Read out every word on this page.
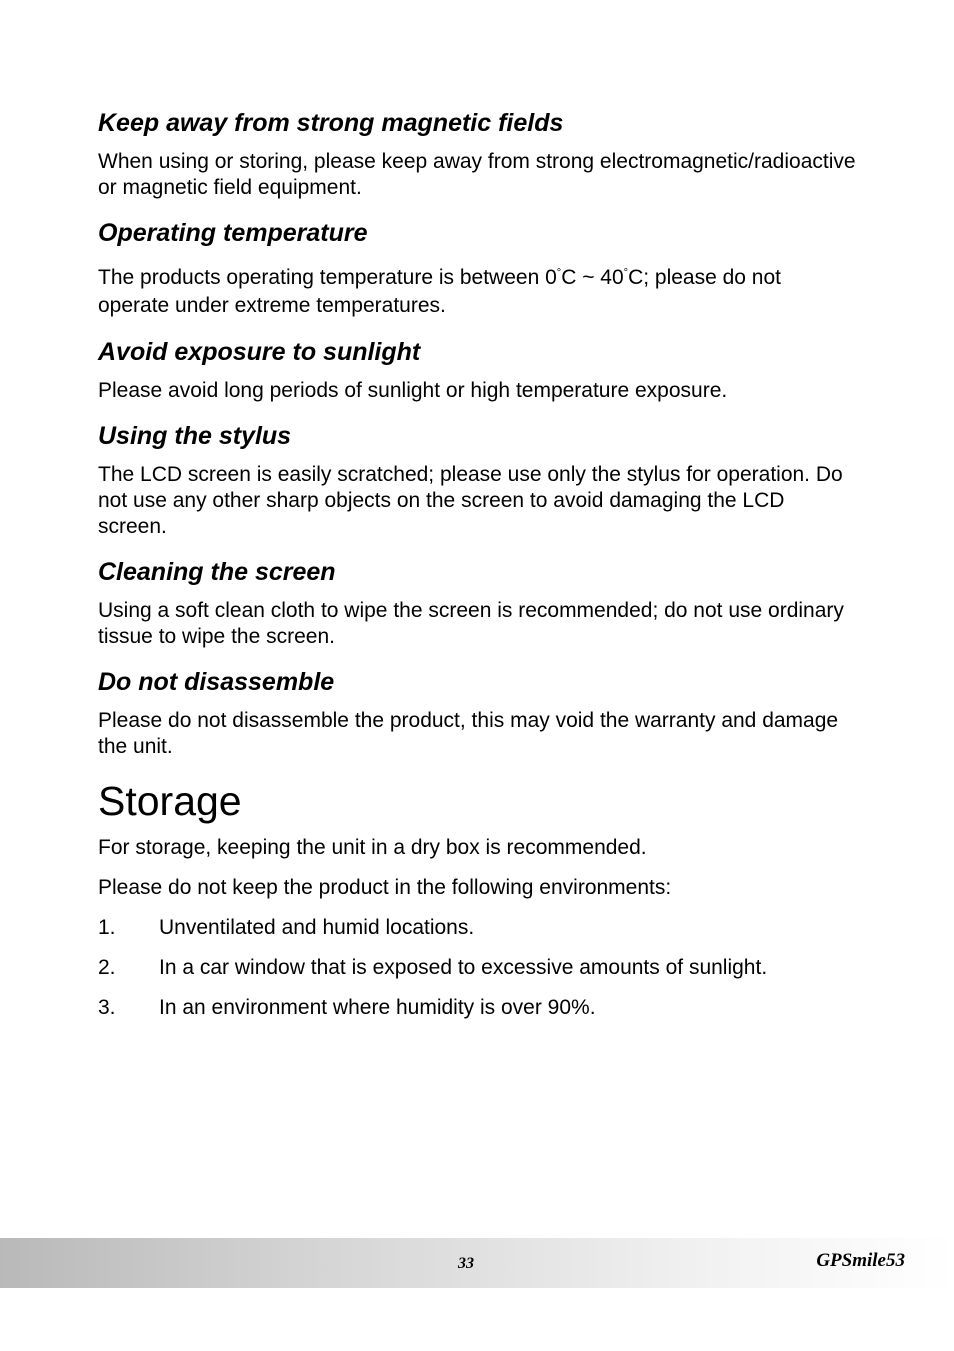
Keep away from strong magnetic fields

When using or storing, please keep away from strong electromagnetic/radioactive or magnetic field equipment.

Operating temperature

The products operating temperature is between 0°C ~ 40°C; please do not operate under extreme temperatures.

Avoid exposure to sunlight

Please avoid long periods of sunlight or high temperature exposure.

Using the stylus

The LCD screen is easily scratched; please use only the stylus for operation. Do not use any other sharp objects on the screen to avoid damaging the LCD screen.

Cleaning the screen

Using a soft clean cloth to wipe the screen is recommended; do not use ordinary tissue to wipe the screen.

Do not disassemble

Please do not disassemble the product, this may void the warranty and damage the unit.

Storage

For storage, keeping the unit in a dry box is recommended.

Please do not keep the product in the following environments:

1.	Unventilated and humid locations.
2.	In a car window that is exposed to excessive amounts of sunlight.
3.	In an environment where humidity is over 90%.
33	GPSmile53
